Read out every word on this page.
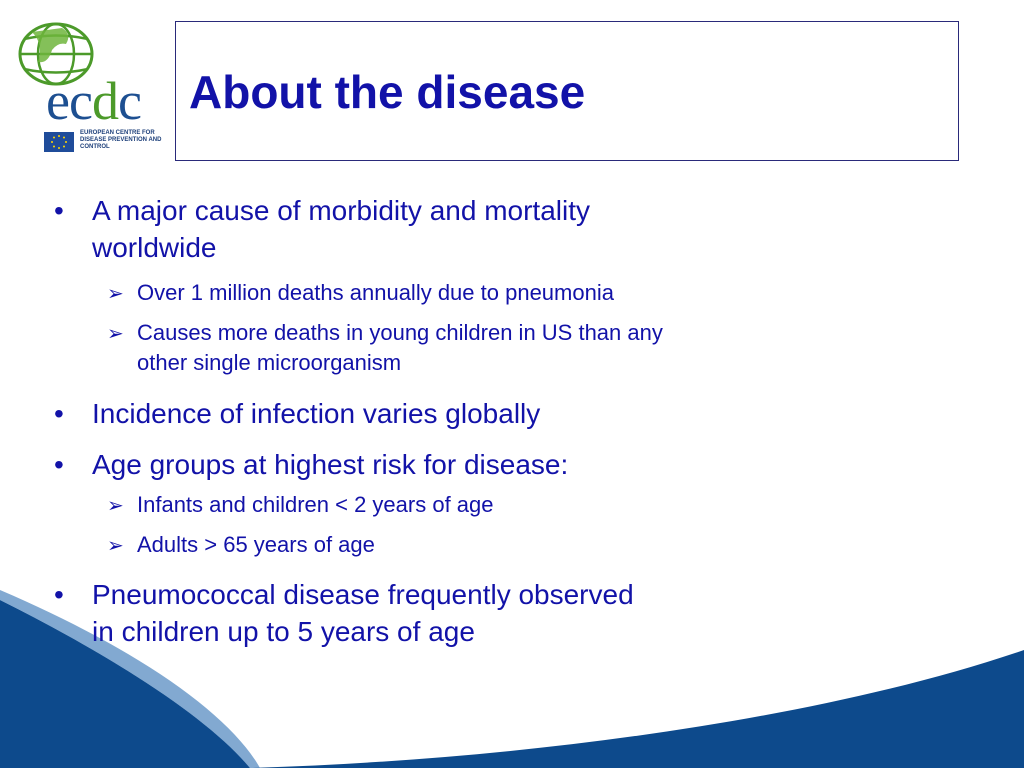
ecdc
EUROPEAN CENTRE FOR
DISEASE PREVENTION AND
CONTROL
About the disease
• A major cause of morbidity and mortality
worldwide
➢ Over 1 million deaths annually due to pneumonia
➢ Causes more deaths in young children in US than any
other single microorganism
• Incidence of infection varies globally
• Age groups at highest risk for disease:
➢ Infants and children < 2 years of age
➢ Adults > 65 years of age
• Pneumococcal disease frequently observed
in children up to 5 years of age
